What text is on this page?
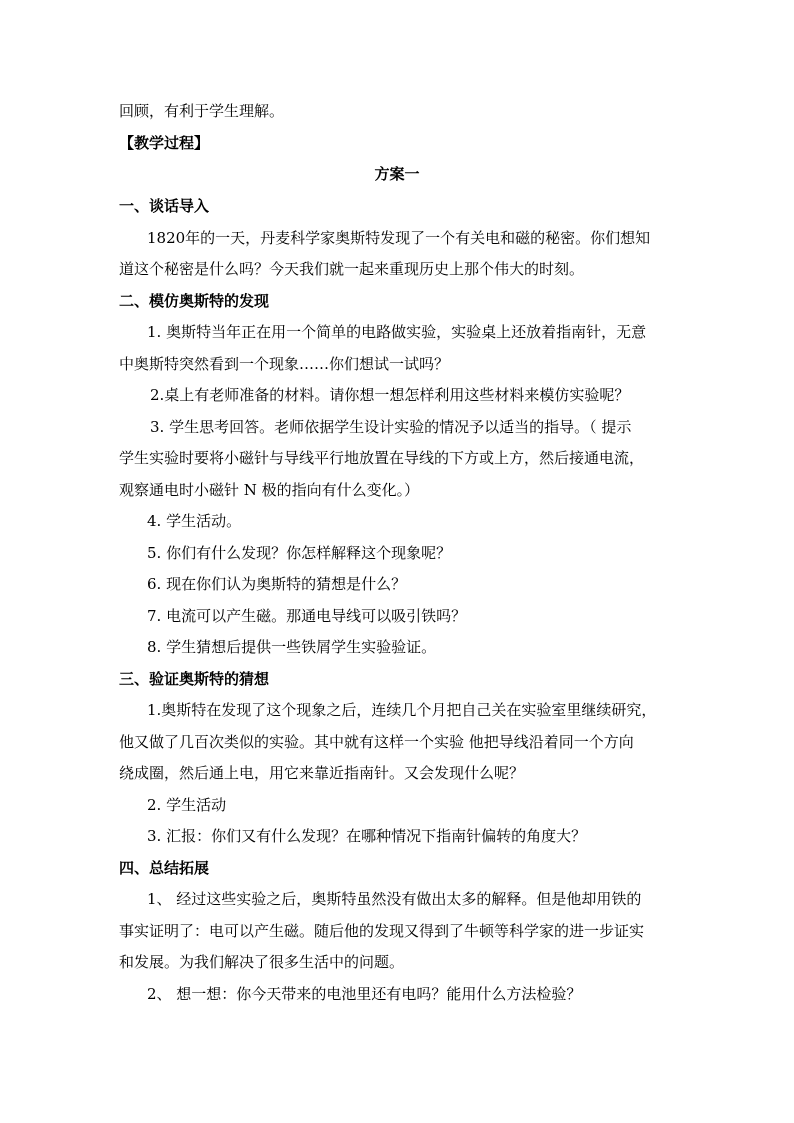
回顾，有利于学生理解。
【教学过程】
方案一
一、谈话导入
1820年的一天，丹麦科学家奥斯特发现了一个有关电和磁的秘密。你们想知
道这个秘密是什么吗？今天我们就一起来重现历史上那个伟大的时刻。
二、模仿奥斯特的发现
1. 奥斯特当年正在用一个简单的电路做实验，实验桌上还放着指南针，无意
中奥斯特突然看到一个现象……你们想试一试吗？
2.桌上有老师准备的材料。请你想一想怎样利用这些材料来模仿实验呢？
3. 学生思考回答。老师依据学生设计实验的情况予以适当的指导。（ 提示
学生实验时要将小磁针与导线平行地放置在导线的下方或上方，然后接通电流，
观察通电时小磁针 N 极的指向有什么变化。）
4. 学生活动。
5. 你们有什么发现？你怎样解释这个现象呢？
6. 现在你们认为奥斯特的猜想是什么？
7. 电流可以产生磁。那通电导线可以吸引铁吗？
8. 学生猜想后提供一些铁屑学生实验验证。
三、验证奥斯特的猜想
1.奥斯特在发现了这个现象之后，连续几个月把自己关在实验室里继续研究，
他又做了几百次类似的实验。其中就有这样一个实验 他把导线沿着同一个方向
绕成圈，然后通上电，用它来靠近指南针。又会发现什么呢？
2. 学生活动
3. 汇报：你们又有什么发现？在哪种情况下指南针偏转的角度大？
四、总结拓展
1、 经过这些实验之后，奥斯特虽然没有做出太多的解释。但是他却用铁的
事实证明了：电可以产生磁。随后他的发现又得到了牛顿等科学家的进一步证实
和发展。为我们解决了很多生活中的问题。
2、 想一想：你今天带来的电池里还有电吗？能用什么方法检验？
